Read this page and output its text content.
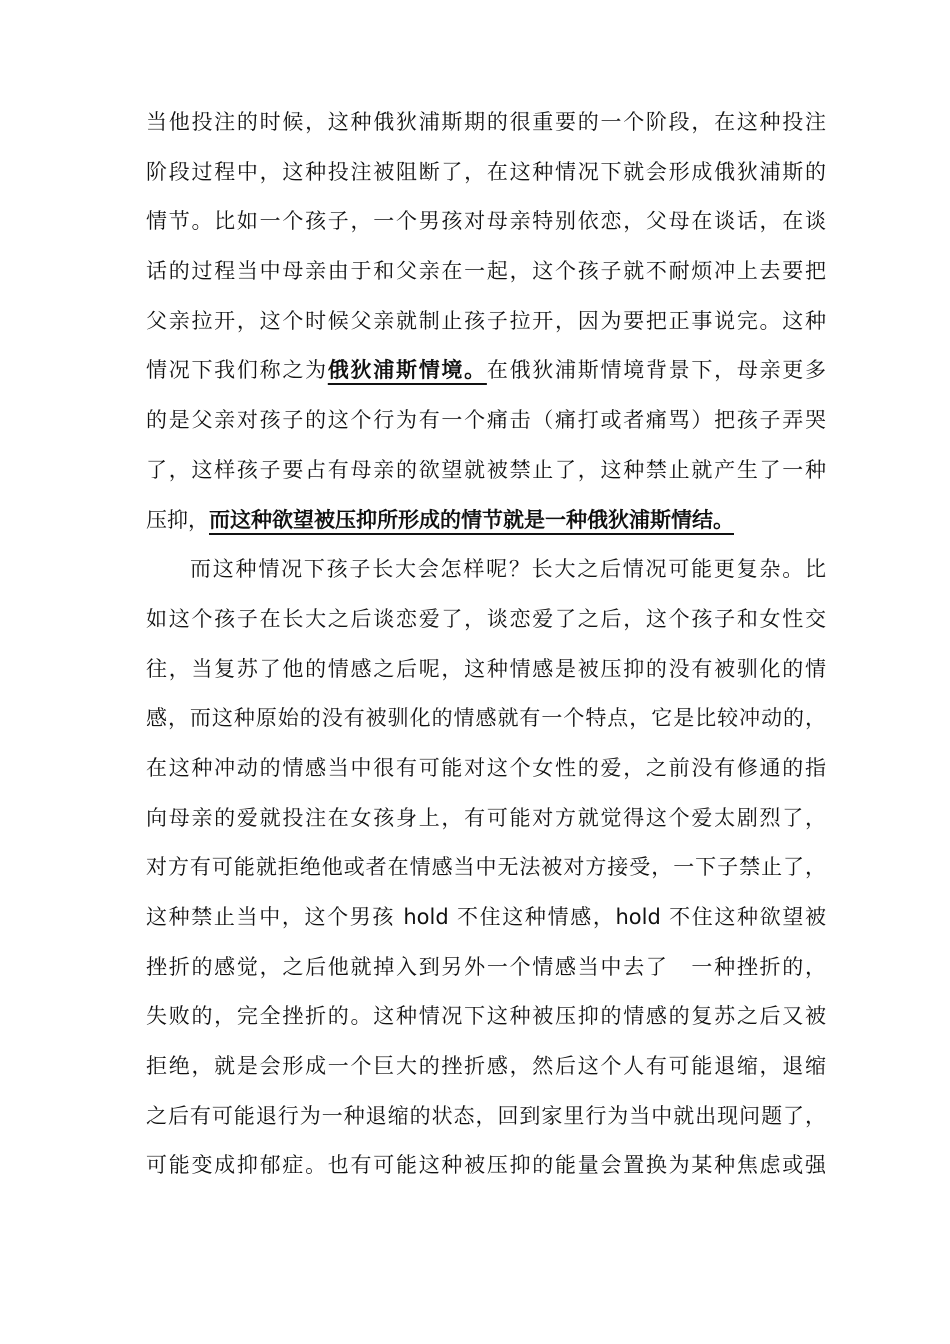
当他投注的时候，这种俄狄浦斯期的很重要的一个阶段，在这种投注
阶段过程中，这种投注被阻断了，在这种情况下就会形成俄狄浦斯的
情节。比如一个孩子，一个男孩对母亲特别依恋，父母在谈话，在谈
话的过程当中母亲由于和父亲在一起，这个孩子就不耐烦冲上去要把
父亲拉开，这个时候父亲就制止孩子拉开，因为要把正事说完。这种
情况下我们称之为俄狄浦斯情境。在俄狄浦斯情境背景下，母亲更多
的是父亲对孩子的这个行为有一个痛击（痛打或者痛骂）把孩子弄哭
了，这样孩子要占有母亲的欲望就被禁止了，这种禁止就产生了一种
压抑，而这种欲望被压抑所形成的情节就是一种俄狄浦斯情结。
而这种情况下孩子长大会怎样呢？长大之后情况可能更复杂。比
如这个孩子在长大之后谈恋爱了，谈恋爱了之后，这个孩子和女性交
往，当复苏了他的情感之后呢，这种情感是被压抑的没有被驯化的情
感，而这种原始的没有被驯化的情感就有一个特点，它是比较冲动的，
在这种冲动的情感当中很有可能对这个女性的爱，之前没有修通的指
向母亲的爱就投注在女孩身上，有可能对方就觉得这个爱太剧烈了，
对方有可能就拒绝他或者在情感当中无法被对方接受，一下子禁止了，
这种禁止当中，这个男孩 hold 不住这种情感，hold 不住这种欲望被
挫折的感觉，之后他就掉入到另外一个情感当中去了　一种挫折的，
失败的，完全挫折的。这种情况下这种被压抑的情感的复苏之后又被
拒绝，就是会形成一个巨大的挫折感，然后这个人有可能退缩，退缩
之后有可能退行为一种退缩的状态，回到家里行为当中就出现问题了，
可能变成抑郁症。也有可能这种被压抑的能量会置换为某种焦虑或强
